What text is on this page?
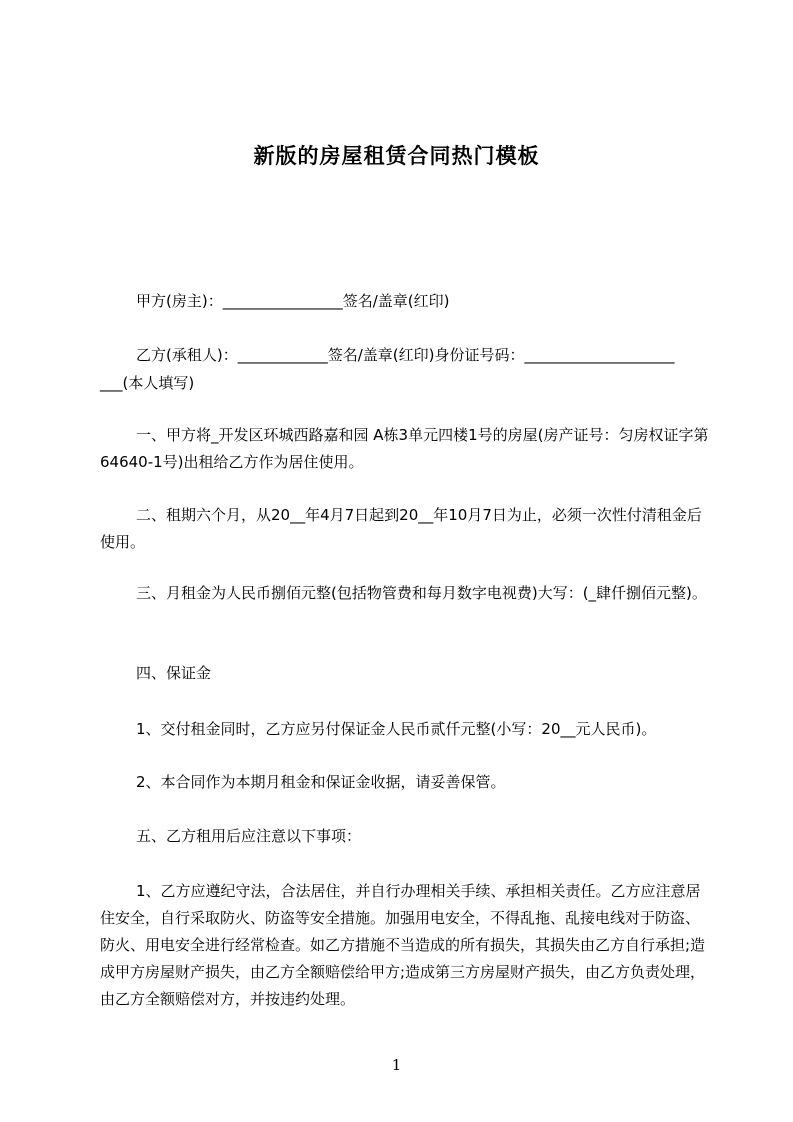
新版的房屋租赁合同热门模板
甲方(房主)：________________签名/盖章(红印)
乙方(承租人)：____________签名/盖章(红印)身份证号码：____________________
___(本人填写)
一、甲方将_开发区环城西路嘉和园 A栋3单元四楼1号的房屋(房产证号：匀房权证字第64640-1号)出租给乙方作为居住使用。
二、租期六个月，从20__年4月7日起到20__年10月7日为止，必须一次性付清租金后使用。
三、月租金为人民币捌佰元整(包括物管费和每月数字电视费)大写：(_肆仟捌佰元整)。
四、保证金
1、交付租金同时，乙方应另付保证金人民币贰仟元整(小写：20__元人民币)。
2、本合同作为本期月租金和保证金收据，请妥善保管。
五、乙方租用后应注意以下事项：
1、乙方应遵纪守法，合法居住，并自行办理相关手续、承担相关责任。乙方应注意居住安全，自行采取防火、防盗等安全措施。加强用电安全，不得乱拖、乱接电线对于防盗、防火、用电安全进行经常检查。如乙方措施不当造成的所有损失，其损失由乙方自行承担;造成甲方房屋财产损失，由乙方全额赔偿给甲方;造成第三方房屋财产损失，由乙方负责处理，由乙方全额赔偿对方，并按违约处理。
1
